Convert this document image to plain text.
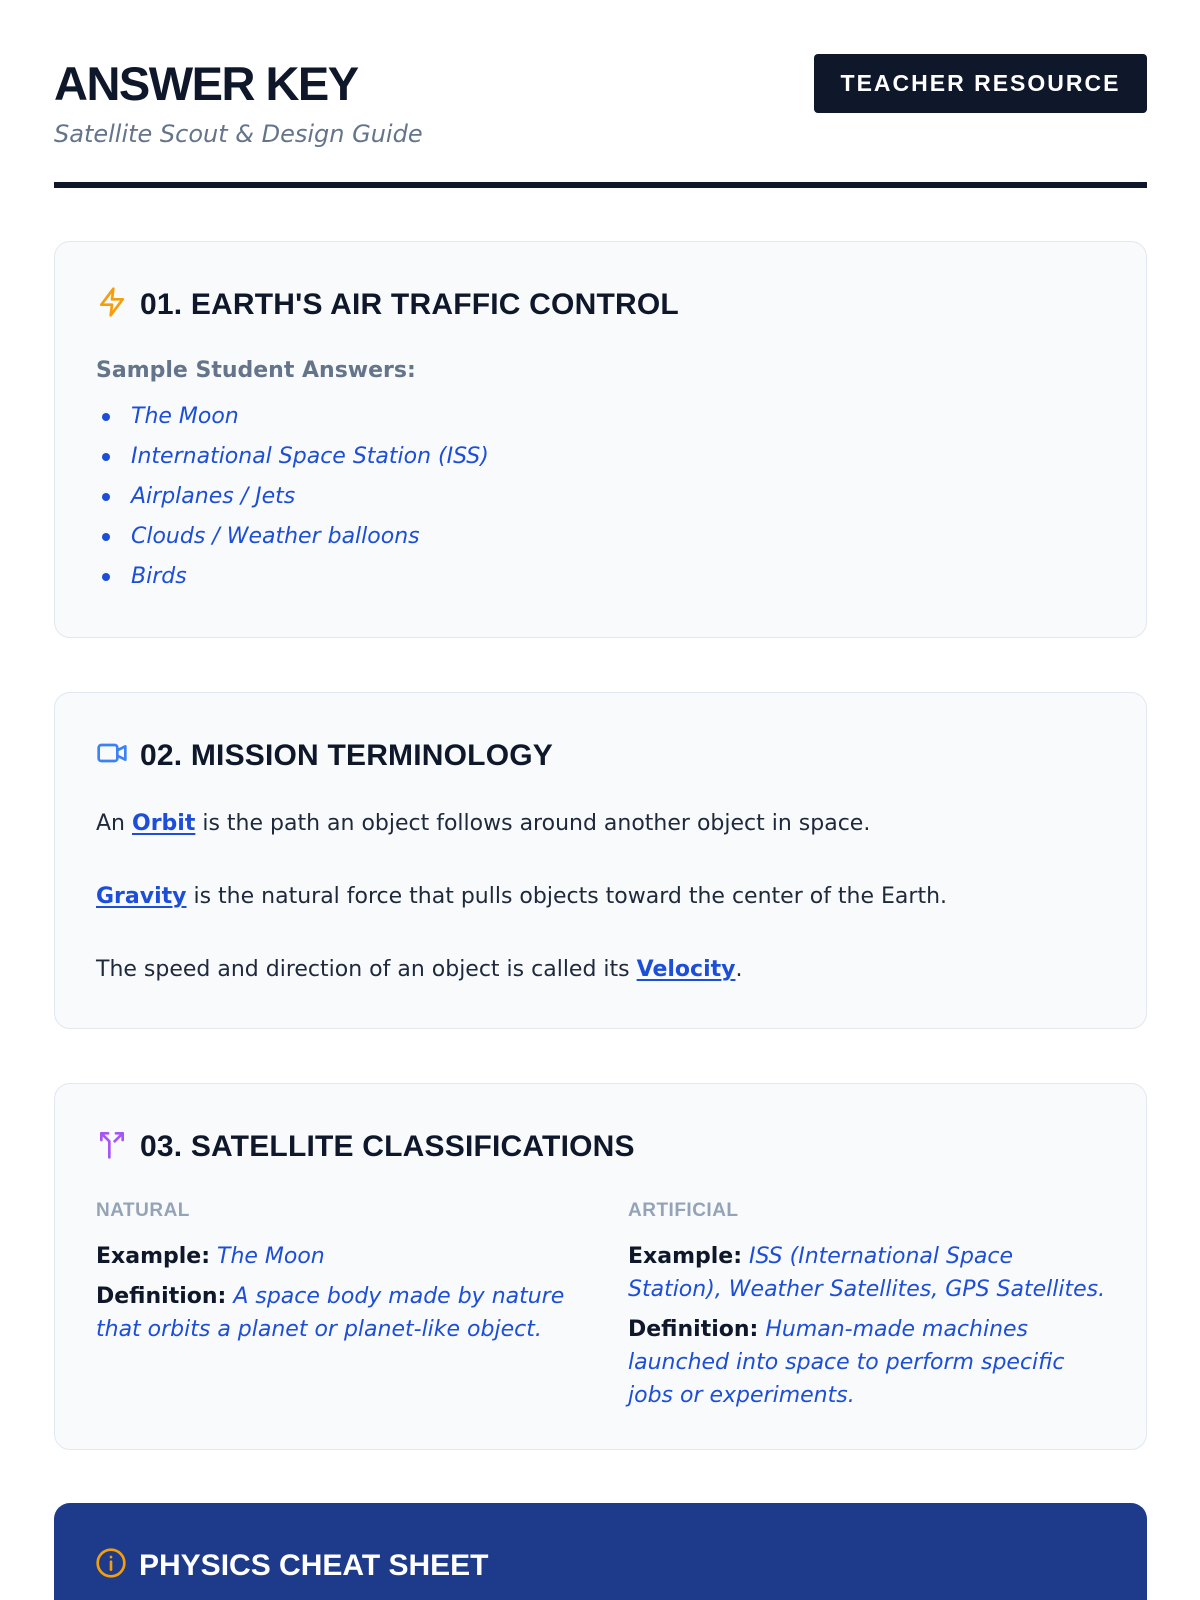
ANSWER KEY
Satellite Scout & Design Guide
TEACHER RESOURCE
01. EARTH'S AIR TRAFFIC CONTROL
Sample Student Answers:
The Moon
International Space Station (ISS)
Airplanes / Jets
Clouds / Weather balloons
Birds
02. MISSION TERMINOLOGY
An Orbit is the path an object follows around another object in space.
Gravity is the natural force that pulls objects toward the center of the Earth.
The speed and direction of an object is called its Velocity.
03. SATELLITE CLASSIFICATIONS
NATURAL
Example: The Moon
Definition: A space body made by nature that orbits a planet or planet-like object.
ARTIFICIAL
Example: ISS (International Space Station), Weather Satellites, GPS Satellites.
Definition: Human-made machines launched into space to perform specific jobs or experiments.
PHYSICS CHEAT SHEET
